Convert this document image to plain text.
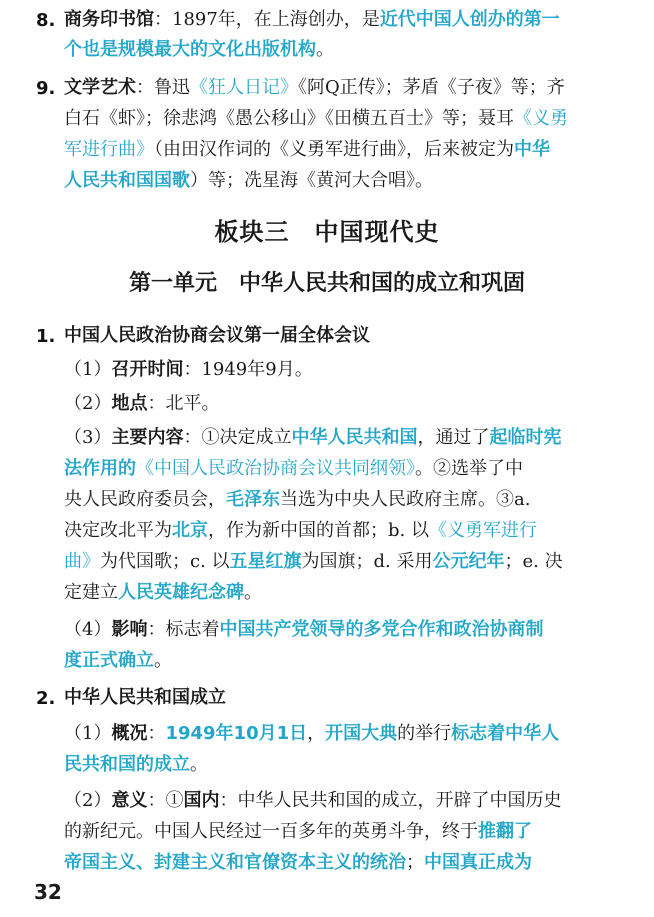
8. 商务印书馆：1897年，在上海创办，是近代中国人创办的第一
个也是规模最大的文化出版机构。
9. 文学艺术：鲁迅《狂人日记》《阿Q正传》；茅盾《子夜》等；齐
白石《虾》；徐悲鸿《愚公移山》《田横五百士》等；聂耳《义勇
军进行曲》（由田汉作词的《义勇军进行曲》，后来被定为中华
人民共和国国歌）等；冼星海《黄河大合唱》。
板块三　中国现代史
第一单元　中华人民共和国的成立和巩固
1. 中国人民政治协商会议第一届全体会议
（1）召开时间：1949年9月。
（2）地点：北平。
（3）主要内容：①决定成立中华人民共和国，通过了起临时宪
法作用的《中国人民政治协商会议共同纲领》。②选举了中
央人民政府委员会，毛泽东当选为中央人民政府主席。③a.
决定改北平为北京，作为新中国的首都；b. 以《义勇军进行
曲》为代国歌；c. 以五星红旗为国旗；d. 采用公元纪年；e. 决
定建立人民英雄纪念碑。
（4）影响：标志着中国共产党领导的多党合作和政治协商制
度正式确立。
2. 中华人民共和国成立
（1）概况：1949年10月1日，开国大典的举行标志着中华人
民共和国的成立。
（2）意义：①国内：中华人民共和国的成立，开辟了中国历史
的新纪元。中国人民经过一百多年的英勇斗争，终于推翻了
帝国主义、封建主义和官僚资本主义的统治；中国真正成为
32
